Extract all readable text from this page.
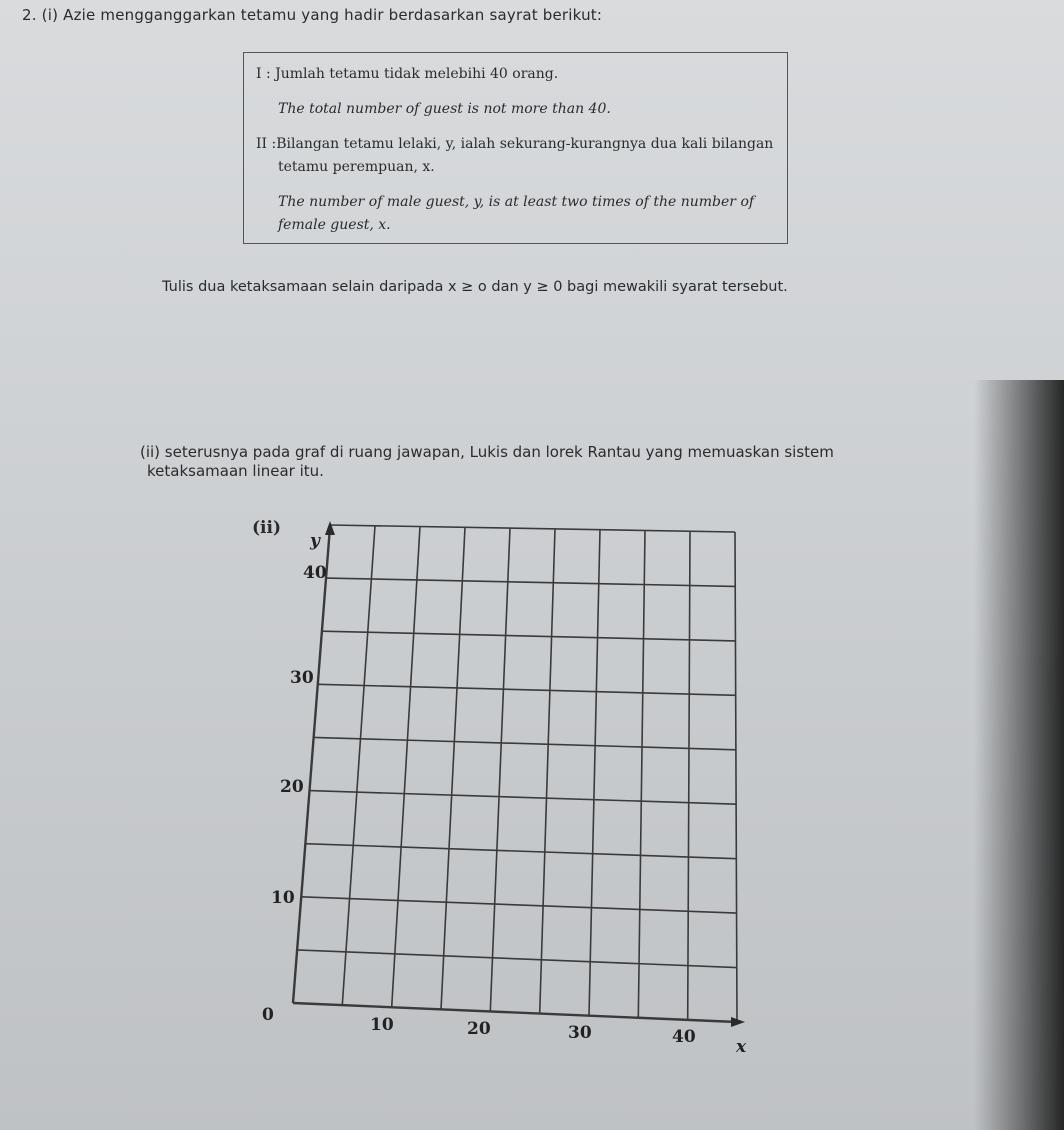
2. (i) Azie mengganggarkan tetamu yang hadir berdasarkan sayrat berikut:

I : Jumlah tetamu tidak melebihi 40 orang.

The total number of guest is not more than 40.

II :Bilangan tetamu lelaki, y, ialah sekurang-kurangnya dua kali bilangan

tetamu perempuan, x.

The number of male guest, y, is at least two times of the number of

female guest, x.

Tulis dua ketaksamaan selain daripada x ≥ o dan y ≥ 0 bagi mewakili syarat tersebut.
(ii) seterusnya pada graf di ruang jawapan, Lukis dan lorek Rantau yang memuaskan sistem
ketaksamaan linear itu.
(ii)
y
40
30
20
10
0	10	20	30	40 x
